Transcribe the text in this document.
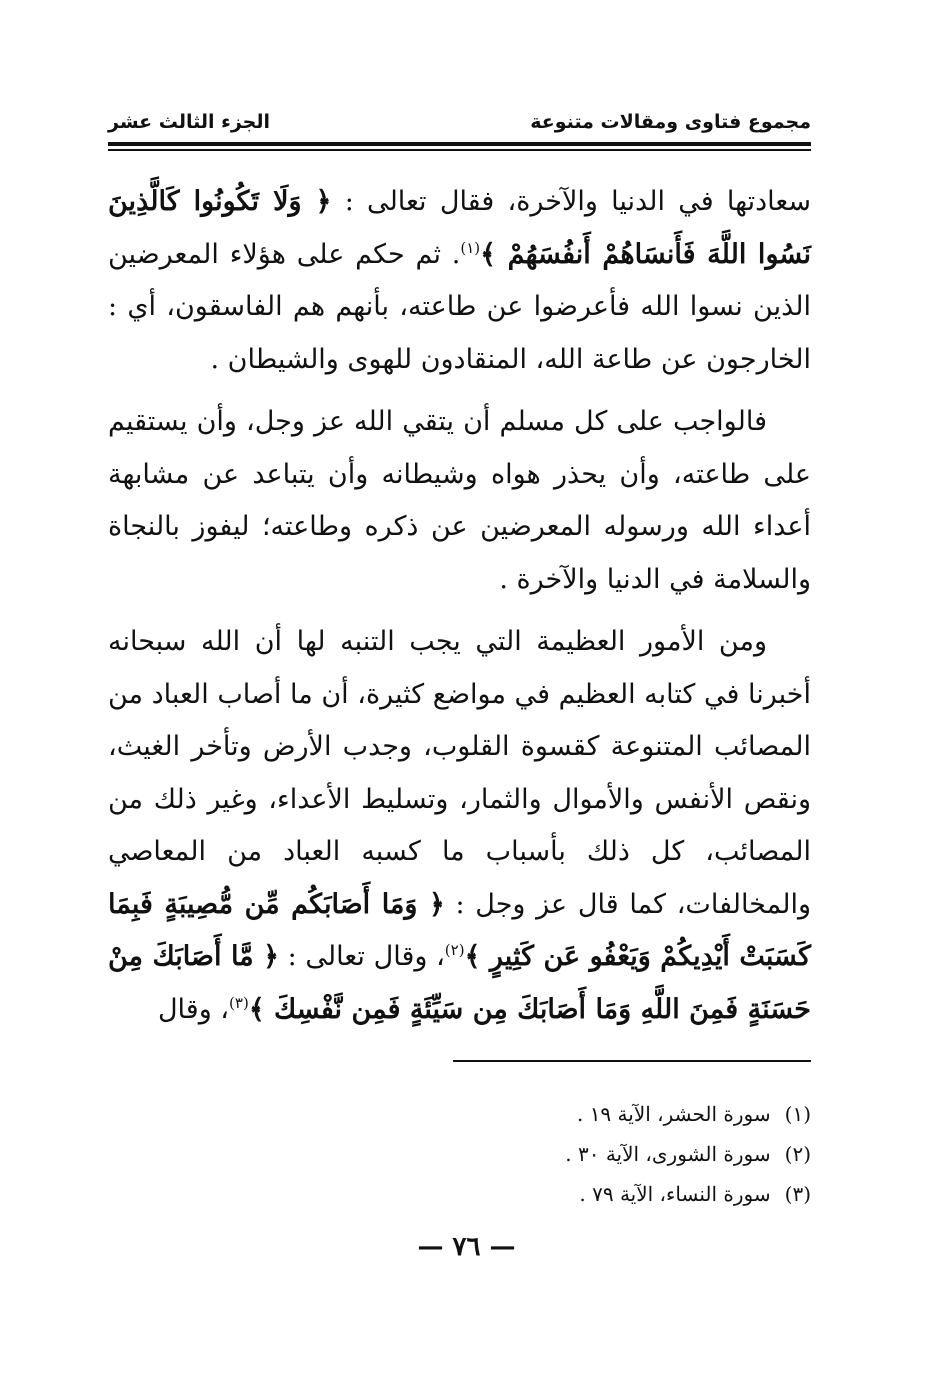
مجموع فتاوى ومقالات متنوعة
الجزء الثالث عشر

سعادتها في الدنيا والآخرة، فقال تعالى : ﴿ وَلَا تَكُونُوا كَالَّذِينَ نَسُوا اللَّهَ فَأَنسَاهُمْ أَنفُسَهُمْ ﴾$^{(١)}$. ثم حكم على هؤلاء المعرضين الذين نسوا الله فأعرضوا عن طاعته، بأنهم هم الفاسقون، أي : الخارجون عن طاعة الله، المنقادون للهوى والشيطان .

فالواجب على كل مسلم أن يتقي الله عز وجل، وأن يستقيم على طاعته، وأن يحذر هواه وشيطانه وأن يتباعد عن مشابهة أعداء الله ورسوله المعرضين عن ذكره وطاعته؛ ليفوز بالنجاة والسلامة في الدنيا والآخرة .

ومن الأمور العظيمة التي يجب التنبه لها أن الله سبحانه أخبرنا في كتابه العظيم في مواضع كثيرة، أن ما أصاب العباد من المصائب المتنوعة كقسوة القلوب، وجدب الأرض وتأخر الغيث، ونقص الأنفس والأموال والثمار، وتسليط الأعداء، وغير ذلك من المصائب، كل ذلك بأسباب ما كسبه العباد من المعاصي والمخالفات، كما قال عز وجل : ﴿ وَمَا أَصَابَكُم مِّن مُّصِيبَةٍ فَبِمَا كَسَبَتْ أَيْدِيكُمْ وَيَعْفُو عَن كَثِيرٍ ﴾$^{(٢)}$، وقال تعالى : ﴿ مَّا أَصَابَكَ مِنْ حَسَنَةٍ فَمِنَ اللَّهِ وَمَا أَصَابَكَ مِن سَيِّئَةٍ فَمِن نَّفْسِكَ ﴾$^{(٣)}$، وقال

(١)
سورة الحشر، الآية ١٩ .
(٢)
سورة الشورى، الآية ٣٠ .
(٣)
سورة النساء، الآية ٧٩ .
— ٧٦ —
